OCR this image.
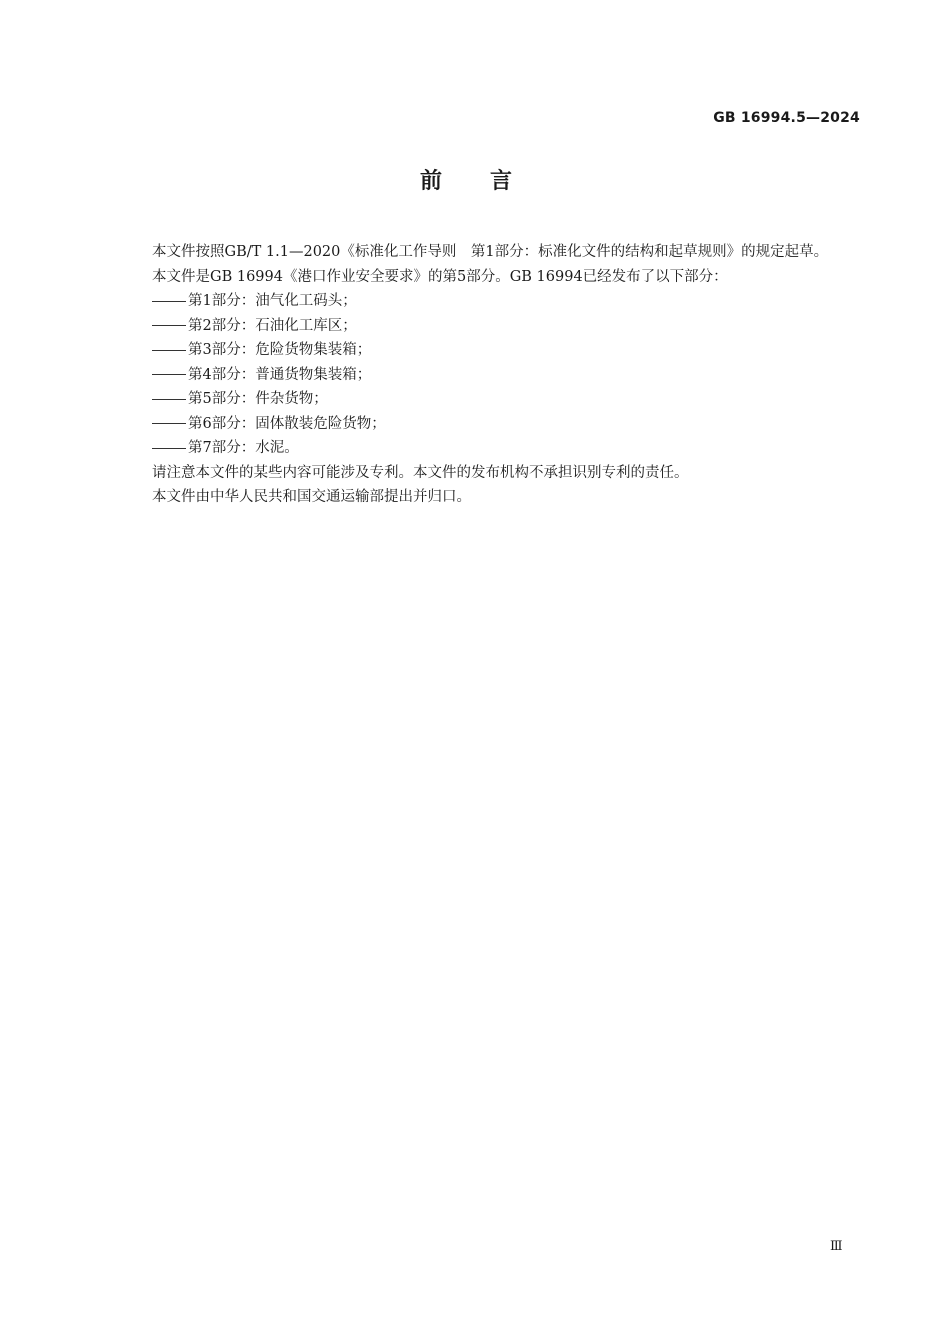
GB 16994.5—2024
前言

本文件按照GB/T 1.1—2020《标准化工作导则　第1部分：标准化文件的结构和起草规则》的规定起草。

本文件是GB 16994《港口作业安全要求》的第5部分。GB 16994已经发布了以下部分：

第1部分：油气化工码头；
第2部分：石油化工库区；
第3部分：危险货物集装箱；
第4部分：普通货物集装箱；
第5部分：件杂货物；
第6部分：固体散装危险货物；
第7部分：水泥。

请注意本文件的某些内容可能涉及专利。本文件的发布机构不承担识别专利的责任。

本文件由中华人民共和国交通运输部提出并归口。

Ⅲ
